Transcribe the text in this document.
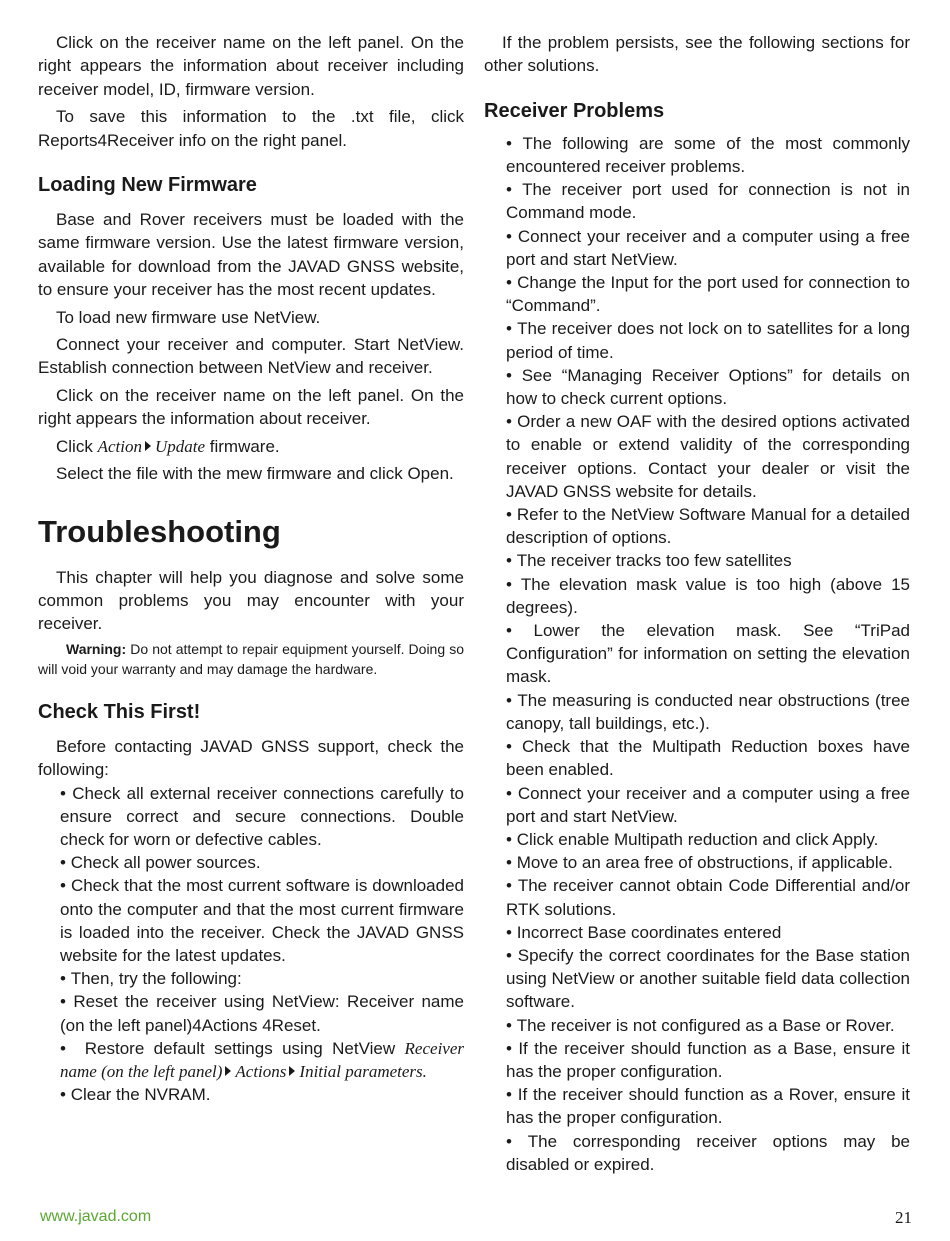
Click on the receiver name on the left panel. On the right appears the information about receiver including receiver model, ID, firmware version.

To save this information to the .txt file, click Reports4Receiver info on the right panel.

Loading New Firmware

Base and Rover receivers must be loaded with the same firmware version. Use the latest firmware version, available for download from the JAVAD GNSS website, to ensure your receiver has the most recent updates.

To load new firmware use NetView.

Connect your receiver and computer. Start NetView. Establish connection between NetView and receiver.

Click on the receiver name on the left panel. On the right appears the information about receiver.

Click Action Update firmware.

Select the file with the mew firmware and click Open.

Troubleshooting

This chapter will help you diagnose and solve some common problems you may encounter with your receiver.

Warning: Do not attempt to repair equipment yourself. Doing so will void your warranty and may damage the hardware.

Check This First!

Before contacting JAVAD GNSS support, check the following:

• Check all external receiver connections carefully to ensure correct and secure connections. Double check for worn or defective cables.
• Check all power sources.
• Check that the most current software is downloaded onto the computer and that the most current firmware is loaded into the receiver. Check the JAVAD GNSS website for the latest updates.
• Then, try the following:
• Reset the receiver using NetView: Receiver name (on the left panel)4Actions 4Reset.
• Restore default settings using NetView Receiver name (on the left panel) Actions Initial parameters.
• Clear the NVRAM.

If the problem persists, see the following sections for other solutions.

Receiver Problems
• The following are some of the most commonly encountered receiver problems.
• The receiver port used for connection is not in Command mode.
• Connect your receiver and a computer using a free port and start NetView.
• Change the Input for the port used for connection to “Command”.
• The receiver does not lock on to satellites for a long period of time.
• See “Managing Receiver Options” for details on how to check current options.
• Order a new OAF with the desired options activated to enable or extend validity of the corresponding receiver options. Contact your dealer or visit the JAVAD GNSS website for details.
• Refer to the NetView Software Manual for a detailed description of options.
• The receiver tracks too few satellites
• The elevation mask value is too high (above 15 degrees).
• Lower the elevation mask. See “TriPad Configuration” for information on setting the elevation mask.
• The measuring is conducted near obstructions (tree canopy, tall buildings, etc.).
• Check that the Multipath Reduction boxes have been enabled.
• Connect your receiver and a computer using a free port and start NetView.
• Click enable Multipath reduction and click Apply.
• Move to an area free of obstructions, if applicable.
• The receiver cannot obtain Code Differential and/or RTK solutions.
• Incorrect Base coordinates entered
• Specify the correct coordinates for the Base station using NetView or another suitable field data collection software.
• The receiver is not configured as a Base or Rover.
• If the receiver should function as a Base, ensure it has the proper configuration.
• If the receiver should function as a Rover, ensure it has the proper configuration.
• The corresponding receiver options may be disabled or expired.
www.javad.com	21
